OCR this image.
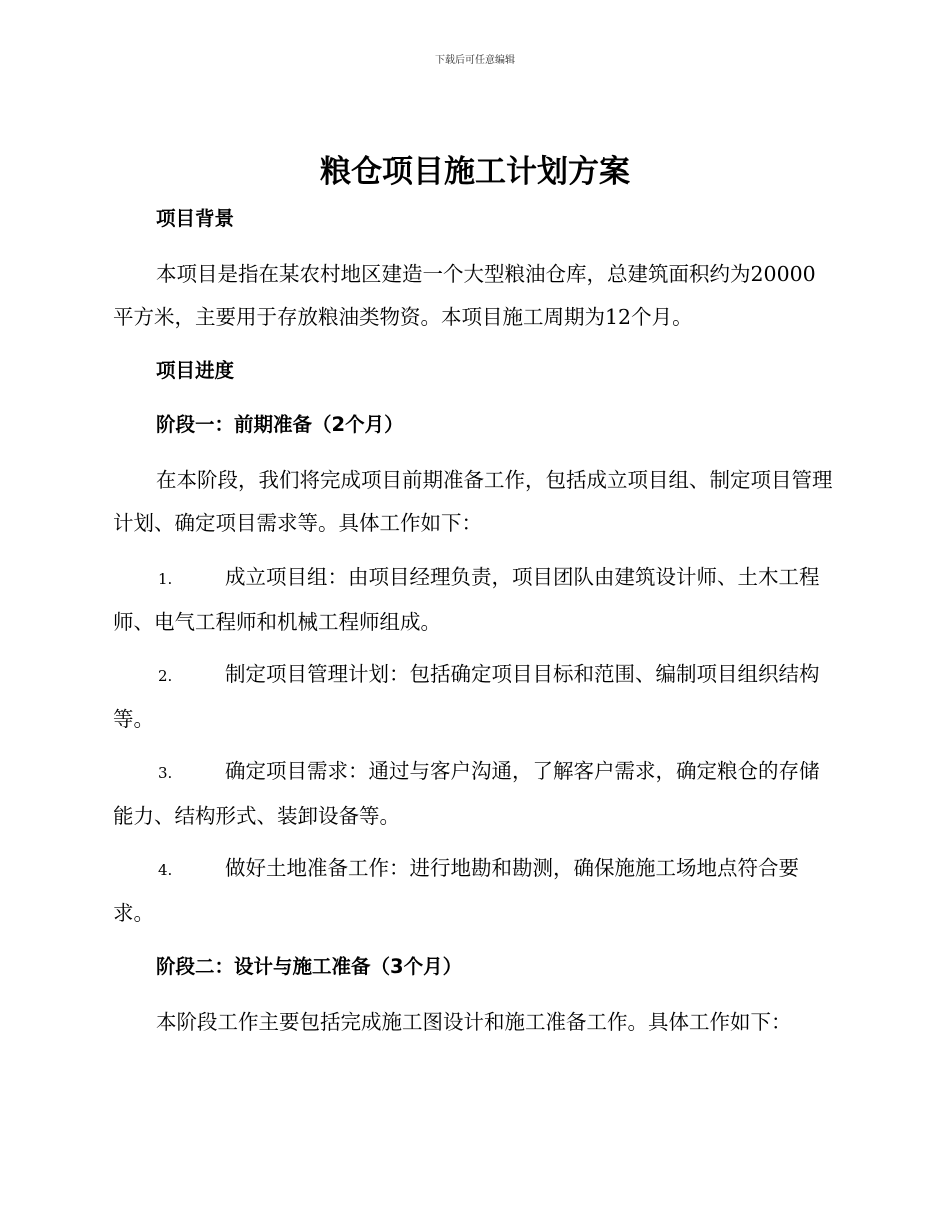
下载后可任意编辑
粮仓项目施工计划方案
项目背景

本项目是指在某农村地区建造一个大型粮油仓库，总建筑面积约为20000平方米，主要用于存放粮油类物资。本项目施工周期为12个月。

项目进度
阶段一：前期准备（2个月）

在本阶段，我们将完成项目前期准备工作，包括成立项目组、制定项目管理计划、确定项目需求等。具体工作如下：

1.	成立项目组：由项目经理负责，项目团队由建筑设计师、土木工程师、电气工程师和机械工程师组成。

2.	制定项目管理计划：包括确定项目目标和范围、编制项目组织结构等。

3.	确定项目需求：通过与客户沟通，了解客户需求，确定粮仓的存储能力、结构形式、装卸设备等。

4.	做好土地准备工作：进行地勘和勘测，确保施施工场地点符合要求。

阶段二：设计与施工准备（3个月）

本阶段工作主要包括完成施工图设计和施工准备工作。具体工作如下：
